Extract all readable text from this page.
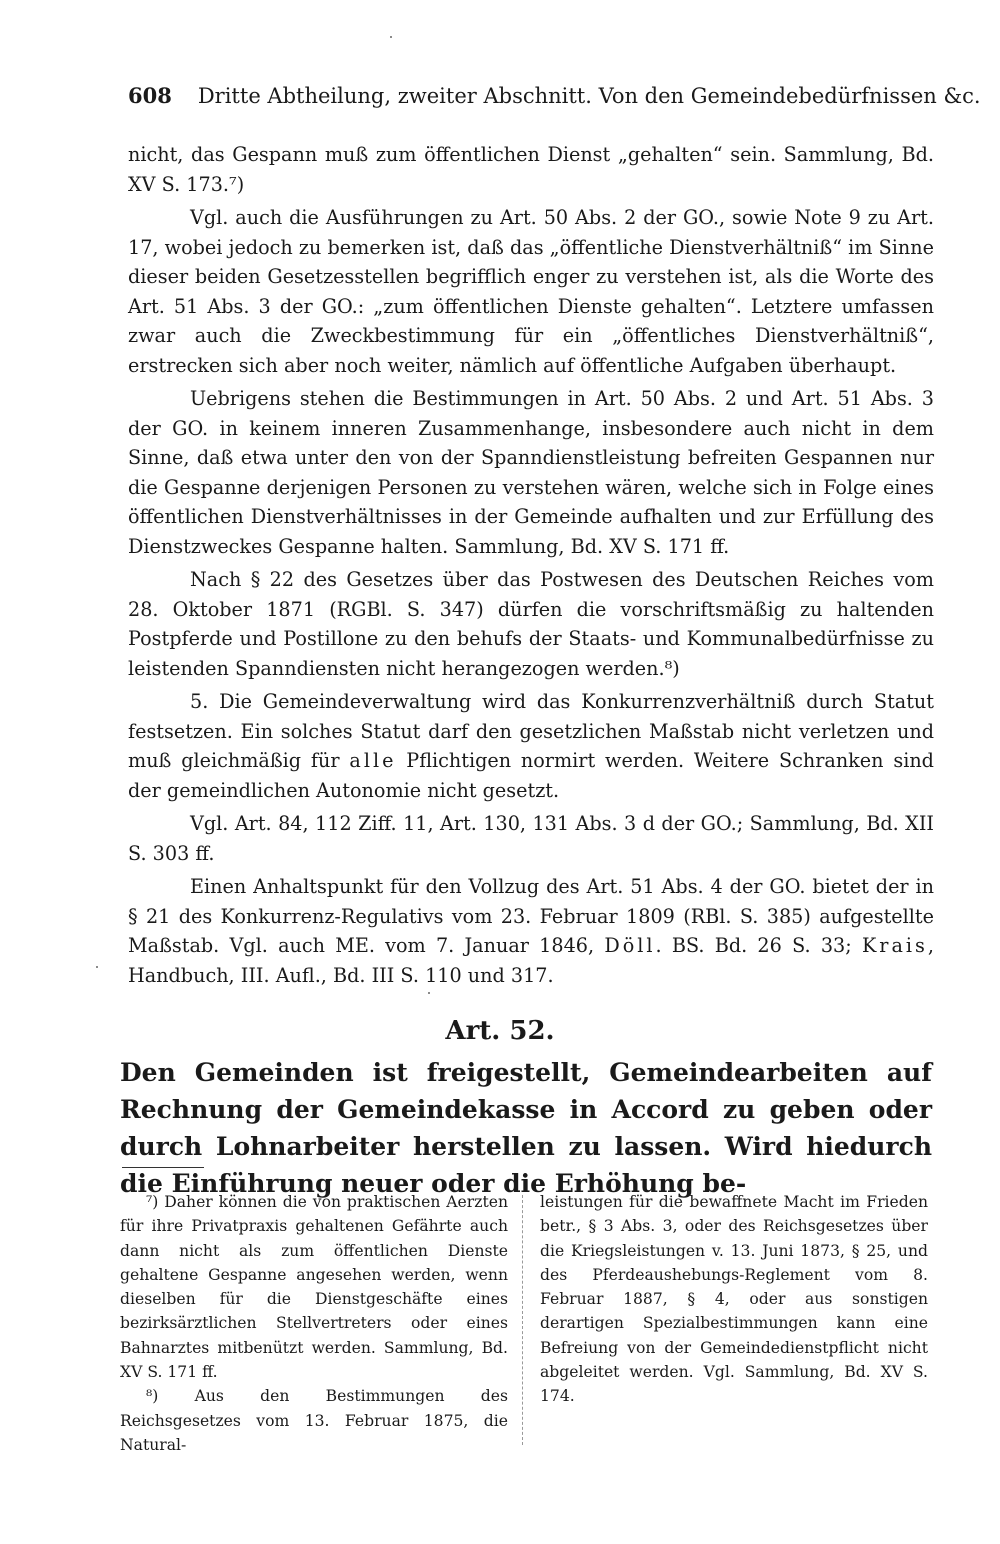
608 Dritte Abtheilung, zweiter Abschnitt. Von den Gemeindebedürfnissen &c.

nicht, das Gespann muß zum öffentlichen Dienst „gehalten“ sein. Sammlung, Bd. XV S. 173.⁷)

Vgl. auch die Ausführungen zu Art. 50 Abs. 2 der GO., sowie Note 9 zu Art. 17, wobei jedoch zu bemerken ist, daß das „öffentliche Dienstverhältniß“ im Sinne dieser beiden Gesetzesstellen begrifflich enger zu verstehen ist, als die Worte des Art. 51 Abs. 3 der GO.: „zum öffentlichen Dienste gehalten“. Letztere umfassen zwar auch die Zweckbestimmung für ein „öffentliches Dienstverhältniß“, erstrecken sich aber noch weiter, nämlich auf öffentliche Aufgaben überhaupt.

Uebrigens stehen die Bestimmungen in Art. 50 Abs. 2 und Art. 51 Abs. 3 der GO. in keinem inneren Zusammenhange, insbesondere auch nicht in dem Sinne, daß etwa unter den von der Spanndienstleistung befreiten Gespannen nur die Gespanne derjenigen Personen zu verstehen wären, welche sich in Folge eines öffentlichen Dienstverhältnisses in der Gemeinde aufhalten und zur Erfüllung des Dienstzweckes Gespanne halten. Sammlung, Bd. XV S. 171 ff.

Nach § 22 des Gesetzes über das Postwesen des Deutschen Reiches vom 28. Oktober 1871 (RGBl. S. 347) dürfen die vorschriftsmäßig zu haltenden Postpferde und Postillone zu den behufs der Staats- und Kommunalbedürfnisse zu leistenden Spanndiensten nicht herangezogen werden.⁸)

5. Die Gemeindeverwaltung wird das Konkurrenzverhältniß durch Statut festsetzen. Ein solches Statut darf den gesetzlichen Maßstab nicht verletzen und muß gleichmäßig für alle Pflichtigen normirt werden. Weitere Schranken sind der gemeindlichen Autonomie nicht gesetzt.

Vgl. Art. 84, 112 Ziff. 11, Art. 130, 131 Abs. 3 d der GO.; Sammlung, Bd. XII S. 303 ff.

Einen Anhaltspunkt für den Vollzug des Art. 51 Abs. 4 der GO. bietet der in § 21 des Konkurrenz-Regulativs vom 23. Februar 1809 (RBl. S. 385) aufgestellte Maßstab. Vgl. auch ME. vom 7. Januar 1846, Döll. BS. Bd. 26 S. 33; Krais, Handbuch, III. Aufl., Bd. III S. 110 und 317.

Art. 52.
Den Gemeinden ist freigestellt, Gemeindearbeiten auf Rechnung der Gemeindekasse in Accord zu geben oder durch Lohnarbeiter herstellen zu lassen. Wird hiedurch die Einführung neuer oder die Erhöhung be-

⁷) Daher können die von praktischen Aerzten für ihre Privatpraxis gehaltenen Gefährte auch dann nicht als zum öffentlichen Dienste gehaltene Gespanne angesehen werden, wenn dieselben für die Dienstgeschäfte eines bezirksärztlichen Stellvertreters oder eines Bahnarztes mitbenützt werden. Sammlung, Bd. XV S. 171 ff.

⁸) Aus den Bestimmungen des Reichsgesetzes vom 13. Februar 1875, die Natural-

leistungen für die bewaffnete Macht im Frieden betr., § 3 Abs. 3, oder des Reichsgesetzes über die Kriegsleistungen v. 13. Juni 1873, § 25, und des Pferdeaushebungs-Reglement vom 8. Februar 1887, § 4, oder aus sonstigen derartigen Spezialbestimmungen kann eine Befreiung von der Gemeindedienstpflicht nicht abgeleitet werden. Vgl. Sammlung, Bd. XV S. 174.
